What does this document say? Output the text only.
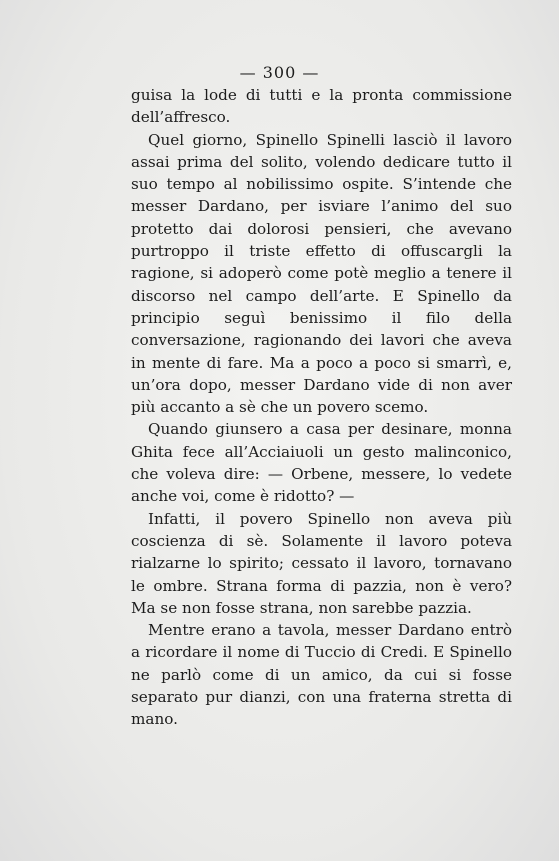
— 300 —

guisa la lode di tutti e la pronta commissione dell’affresco.

Quel giorno, Spinello Spinelli lasciò il lavoro assai prima del solito, volendo dedicare tutto il suo tempo al nobilissimo ospite. S’intende che messer Dardano, per isviare l’animo del suo protetto dai dolorosi pensieri, che avevano purtroppo il triste effetto di offuscargli la ragione, si adoperò come potè meglio a tenere il discorso nel campo dell’arte. E Spinello da principio seguì benissimo il filo della conversazione, ragionando dei lavori che aveva in mente di fare. Ma a poco a poco si smarrì, e, un’ora dopo, messer Dardano vide di non aver più accanto a sè che un povero scemo.

Quando giunsero a casa per desinare, monna Ghita fece all’Acciaiuoli un gesto malinconico, che voleva dire: — Orbene, messere, lo vedete anche voi, come è ridotto? —

Infatti, il povero Spinello non aveva più coscienza di sè. Solamente il lavoro poteva rialzarne lo spirito; cessato il lavoro, tornavano le ombre. Strana forma di pazzia, non è vero? Ma se non fosse strana, non sarebbe pazzia.

Mentre erano a tavola, messer Dardano entrò a ricordare il nome di Tuccio di Credi. E Spinello ne parlò come di un amico, da cui si fosse separato pur dianzi, con una fraterna stretta di mano.
